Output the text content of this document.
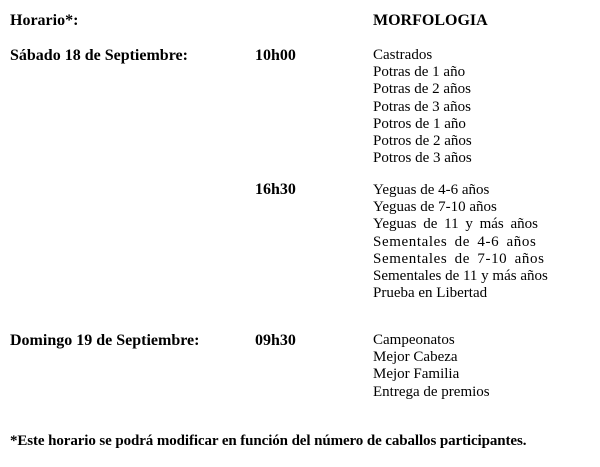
Horario*:	MORFOLOGIA
Sábado 18 de Septiembre:	10h00	Castrados
Potras de 1 año
Potras de 2 años
Potras de 3 años
Potros de 1 año
Potros de 2 años
Potros de 3 años
16h30	Yeguas de 4-6 años
Yeguas de 7-10 años
Yeguas de 11 y más años
Sementales de 4-6 años
Sementales de 7-10 años
Sementales de 11 y más años
Prueba en Libertad
Domingo 19 de Septiembre:	09h30	Campeonatos
Mejor Cabeza
Mejor Familia
Entrega de premios
*Este horario se podrá modificar en función del número de caballos participantes.
